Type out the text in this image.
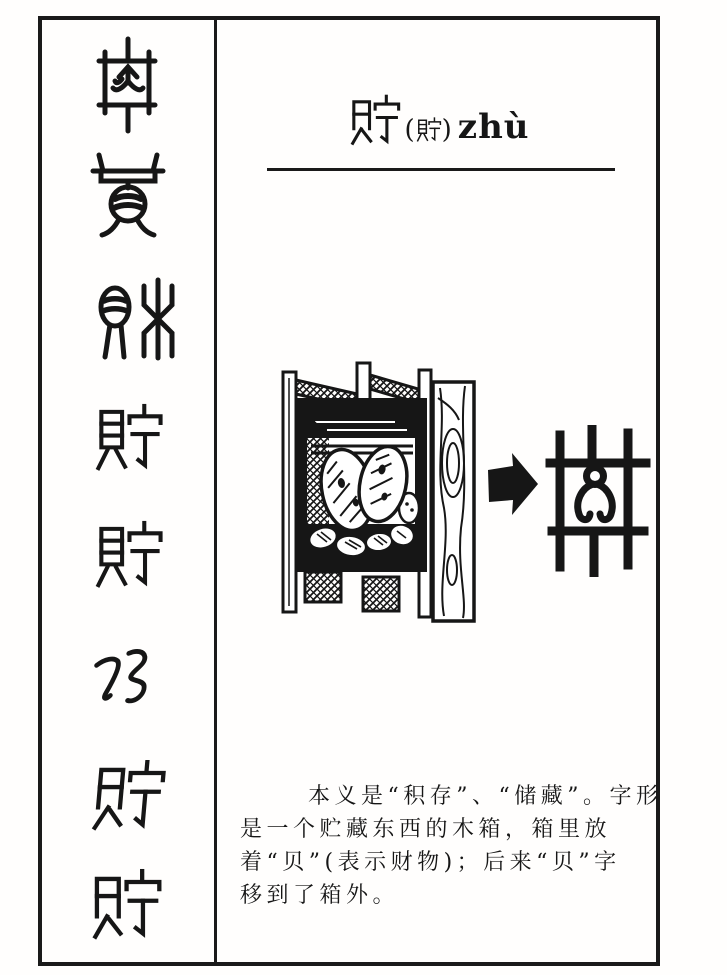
( ) zhù
本义是“积存”、“储藏”。字形
是一个贮藏东西的木箱，箱里放
着“贝”(表示财物)；后来“贝”字
移到了箱外。
